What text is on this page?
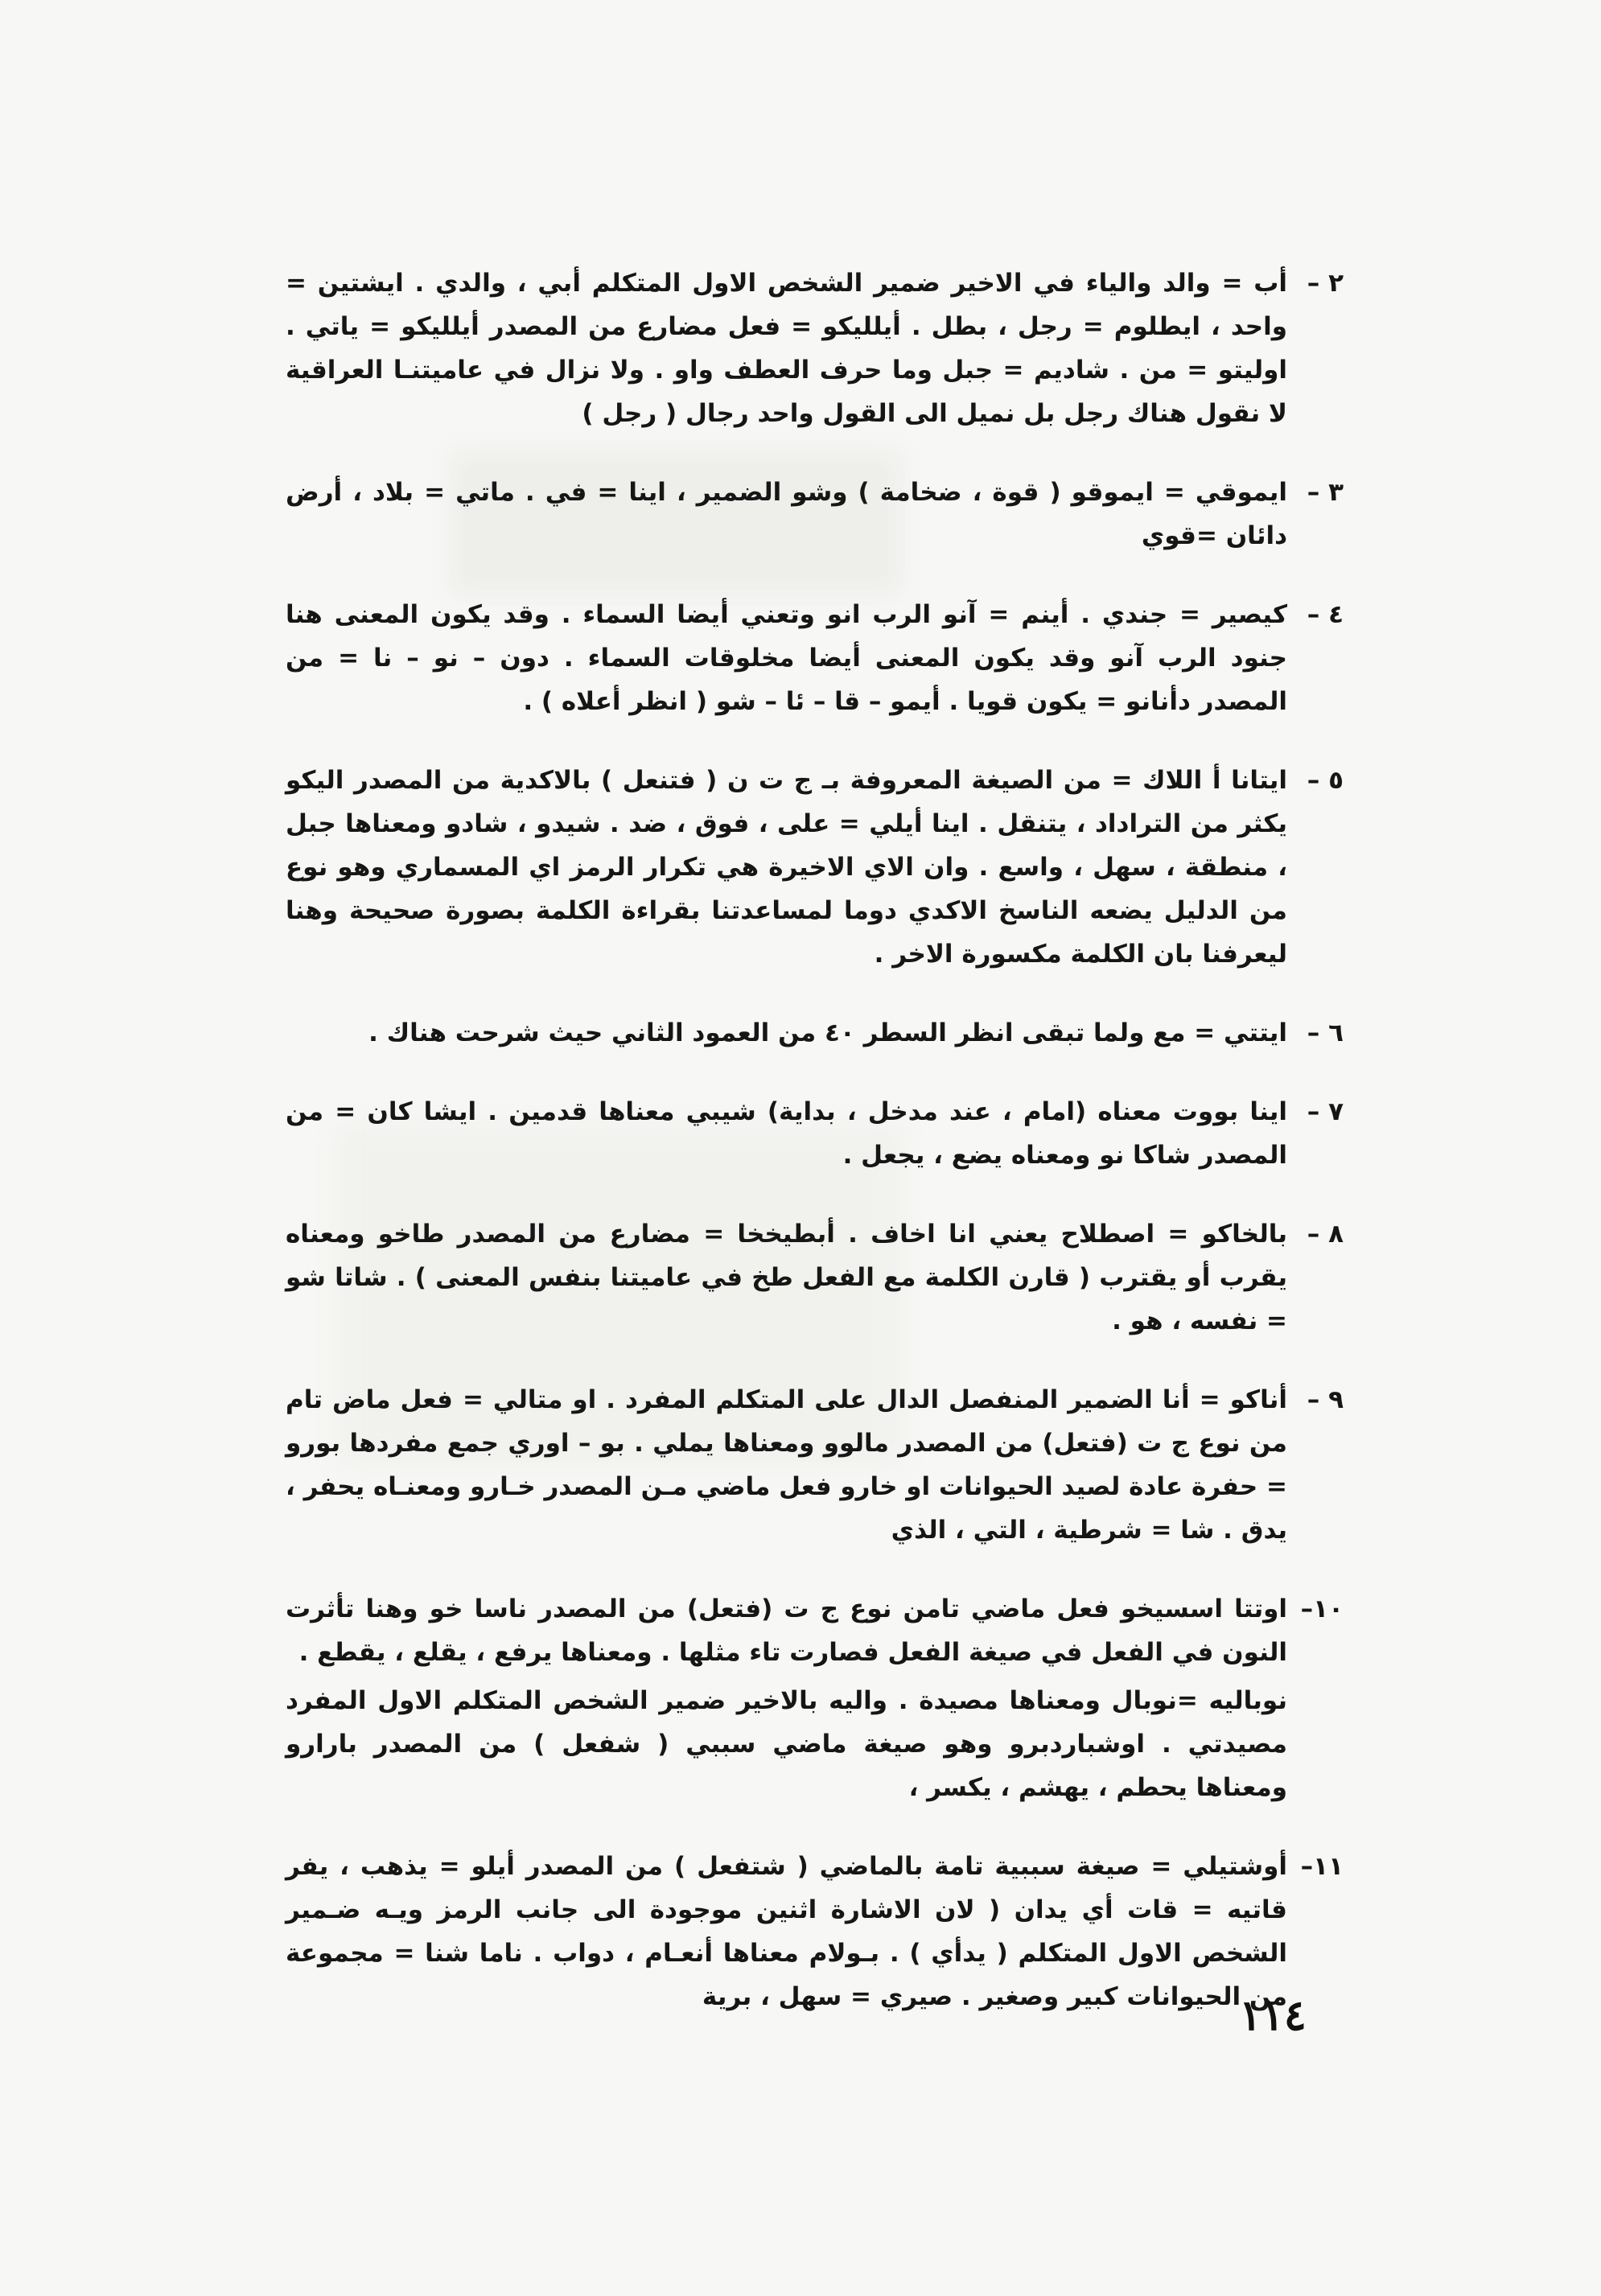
٢ –

أب = والد والياء في الاخير ضمير الشخص الاول المتكلم أبي ، والدي . ايشتين = واحد ، ايطلوم = رجل ، بطل . أيلليكو = فعل مضارع من المصدر أيلليكو = ياتي . اوليتو = من . شاديم = جبل وما حرف العطف واو . ولا نزال في عاميتنـا العراقية لا نقول هناك رجل بل نميل الى القول واحد رجال ( رجل )

٣ –

ايموقي = ايموقو ( قوة ، ضخامة ) وشو الضمير ، اينا = في . ماتي = بلاد ، أرض دائان =قوي

٤ –

كيصير = جندي . أينم = آنو الرب انو وتعني أيضا السماء . وقد يكون المعنى هنا جنود الرب آنو وقد يكون المعنى أيضا مخلوقات السماء . دون – نو – نا = من المصدر دأنانو = يكون قويا . أيمو – قا – ئا – شو ( انظر أعلاه ) .

٥ –

ايتانا أ اللاك = من الصيغة المعروفة بـ ج ت ن ( فتنعل ) بالاكدية من المصدر اليكو يكثر من التراداد ، يتنقل . اينا أيلي = على ، فوق ، ضد . شيدو ، شادو ومعناها جبل ، منطقة ، سهل ، واسع . وان الاي الاخيرة هي تكرار الرمز اي المسماري وهو نوع من الدليل يضعه الناسخ الاكدي دوما لمساعدتنا بقراءة الكلمة بصورة صحيحة وهنا ليعرفنا بان الكلمة مكسورة الاخر .

٦ –

ايتتي = مع ولما تبقى انظر السطر ٤٠ من العمود الثاني حيث شرحت هناك .

٧ –

اينا بووت معناه (امام ، عند مدخل ، بداية) شيبي معناها قدمين . ايشا كان = من المصدر شاكا نو ومعناه يضع ، يجعل .

٨ –

بالخاكو = اصطلاح يعني انا اخاف . أبطيخخا = مضارع من المصدر طاخو ومعناه يقرب أو يقترب ( قارن الكلمة مع الفعل طخ في عاميتنا بنفس المعنى ) . شاتا شو = نفسه ، هو .

٩ –

أناكو = أنا الضمير المنفصل الدال على المتكلم المفرد . او متالي = فعل ماض تام من نوع ج ت (فتعل) من المصدر مالوو ومعناها يملي . بو – اوري جمع مفردها بورو = حفرة عادة لصيد الحيوانات او خارو فعل ماضي مـن المصدر خـارو ومعنـاه يحفر ، يدق . شا = شرطية ، التي ، الذي

١٠–

اوتتا اسسيخو فعل ماضي تامن نوع ج ت (فتعل) من المصدر ناسا خو وهنا تأثرت النون في الفعل في صيغة الفعل فصارت تاء مثلها . ومعناها يرفع ، يقلع ، يقطع .

نوباليه =نوبال ومعناها مصيدة . واليه بالاخير ضمير الشخص المتكلم الاول المفرد مصيدتي . اوشباردبرو وهو صيغة ماضي سببي ( شفعل ) من المصدر بارارو ومعناها يحطم ، يهشم ، يكسر ،

١١–

أوشتيلي = صيغة سببية تامة بالماضي ( شتفعل ) من المصدر أيلو = يذهب ، يفر قاتيه = قات أي يدان ( لان الاشارة اثنين موجودة الى جانب الرمز ويـه ضـمير الشخص الاول المتكلم ( يدأي ) . بـولام معناها أنعـام ، دواب . ناما شنا = مجموعة من الحيوانات كبير وصغير . صيري = سهل ، برية

١١٤
